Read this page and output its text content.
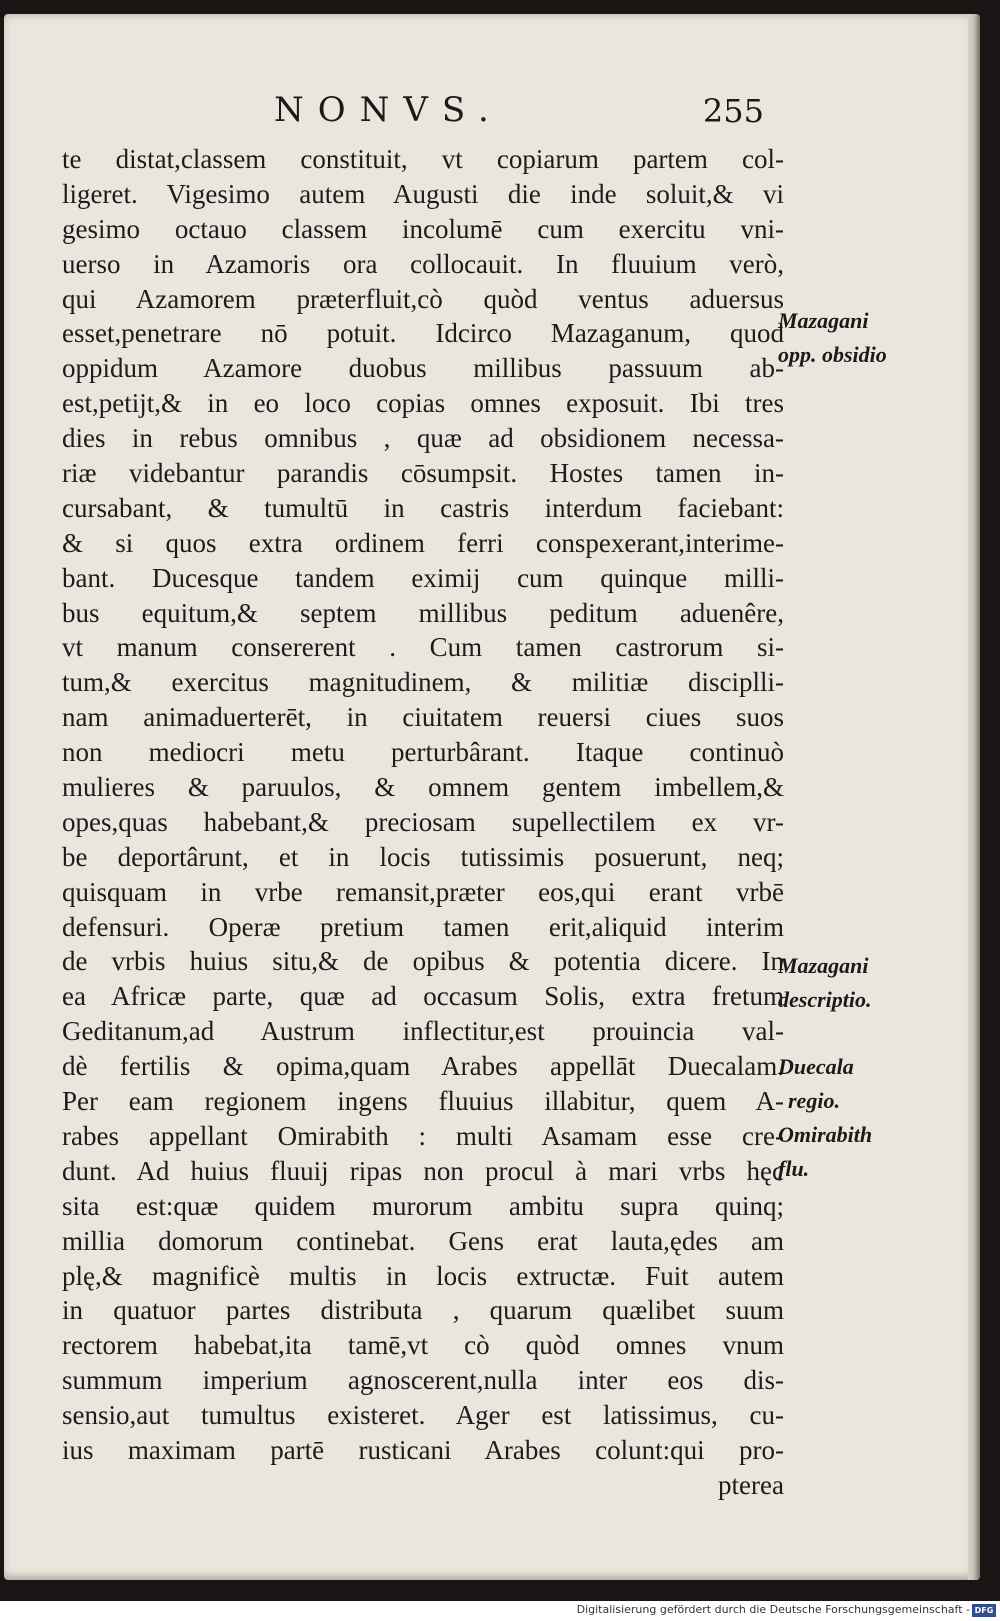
NONVS.	255
te distat,classem constituit, vt copiarum partem col-
ligeret. Vigesimo autem Augusti die inde soluit,& vi
gesimo octauo classem incolumē cum exercitu vni-
uerso in Azamoris ora collocauit. In fluuium verò,
qui Azamorem præterfluit,cò quòd ventus aduersus
esset,penetrare nō potuit. Idcirco Mazaganum, quod
oppidum Azamore duobus millibus passuum ab-
est,petijt,& in eo loco copias omnes exposuit. Ibi tres
dies in rebus omnibus , quæ ad obsidionem necessa-
riæ videbantur parandis cōsumpsit. Hostes tamen in-
cursabant, & tumultū in castris interdum faciebant:
& si quos extra ordinem ferri conspexerant,interime-
bant. Ducesque tandem eximij cum quinque milli-
bus equitum,& septem millibus peditum aduenêre,
vt manum consererent . Cum tamen castrorum si-
tum,& exercitus magnitudinem, & militiæ disciplli-
nam animaduerterēt, in ciuitatem reuersi ciues suos
non mediocri metu perturbârant. Itaque continuò
mulieres & paruulos, & omnem gentem imbellem,&
opes,quas habebant,& preciosam supellectilem ex vr-
be deportârunt, et in locis tutissimis posuerunt, neq;
quisquam in vrbe remansit,præter eos,qui erant vrbē
defensuri. Operæ pretium tamen erit,aliquid interim
de vrbis huius situ,& de opibus & potentia dicere. In
ea Africæ parte, quæ ad occasum Solis, extra fretum
Geditanum,ad Austrum inflectitur,est prouincia val-
dè fertilis & opima,quam Arabes appellāt Duecalam.
Per eam regionem ingens fluuius illabitur, quem A-
rabes appellant Omirabith : multi Asamam esse cre-
dunt. Ad huius fluuij ripas non procul à mari vrbs hęc
sita est:quæ quidem murorum ambitu supra quinq;
millia domorum continebat. Gens erat lauta,ędes am
plę,& magnificè multis in locis extructæ. Fuit autem
in quatuor partes distributa , quarum quælibet suum
rectorem habebat,ita tamē,vt cò quòd omnes vnum
summum imperium agnoscerent,nulla inter eos dis-
sensio,aut tumultus existeret. Ager est latissimus, cu-
ius maximam partē rusticani Arabes colunt:qui pro-
pterea
Mazagani
opp. obsidio
Mazagani
descriptio.
Duecala
regio.
Omirabith
flu.
Digitalisierung gefördert durch die Deutsche Forschungsgemeinschaft - DFG
